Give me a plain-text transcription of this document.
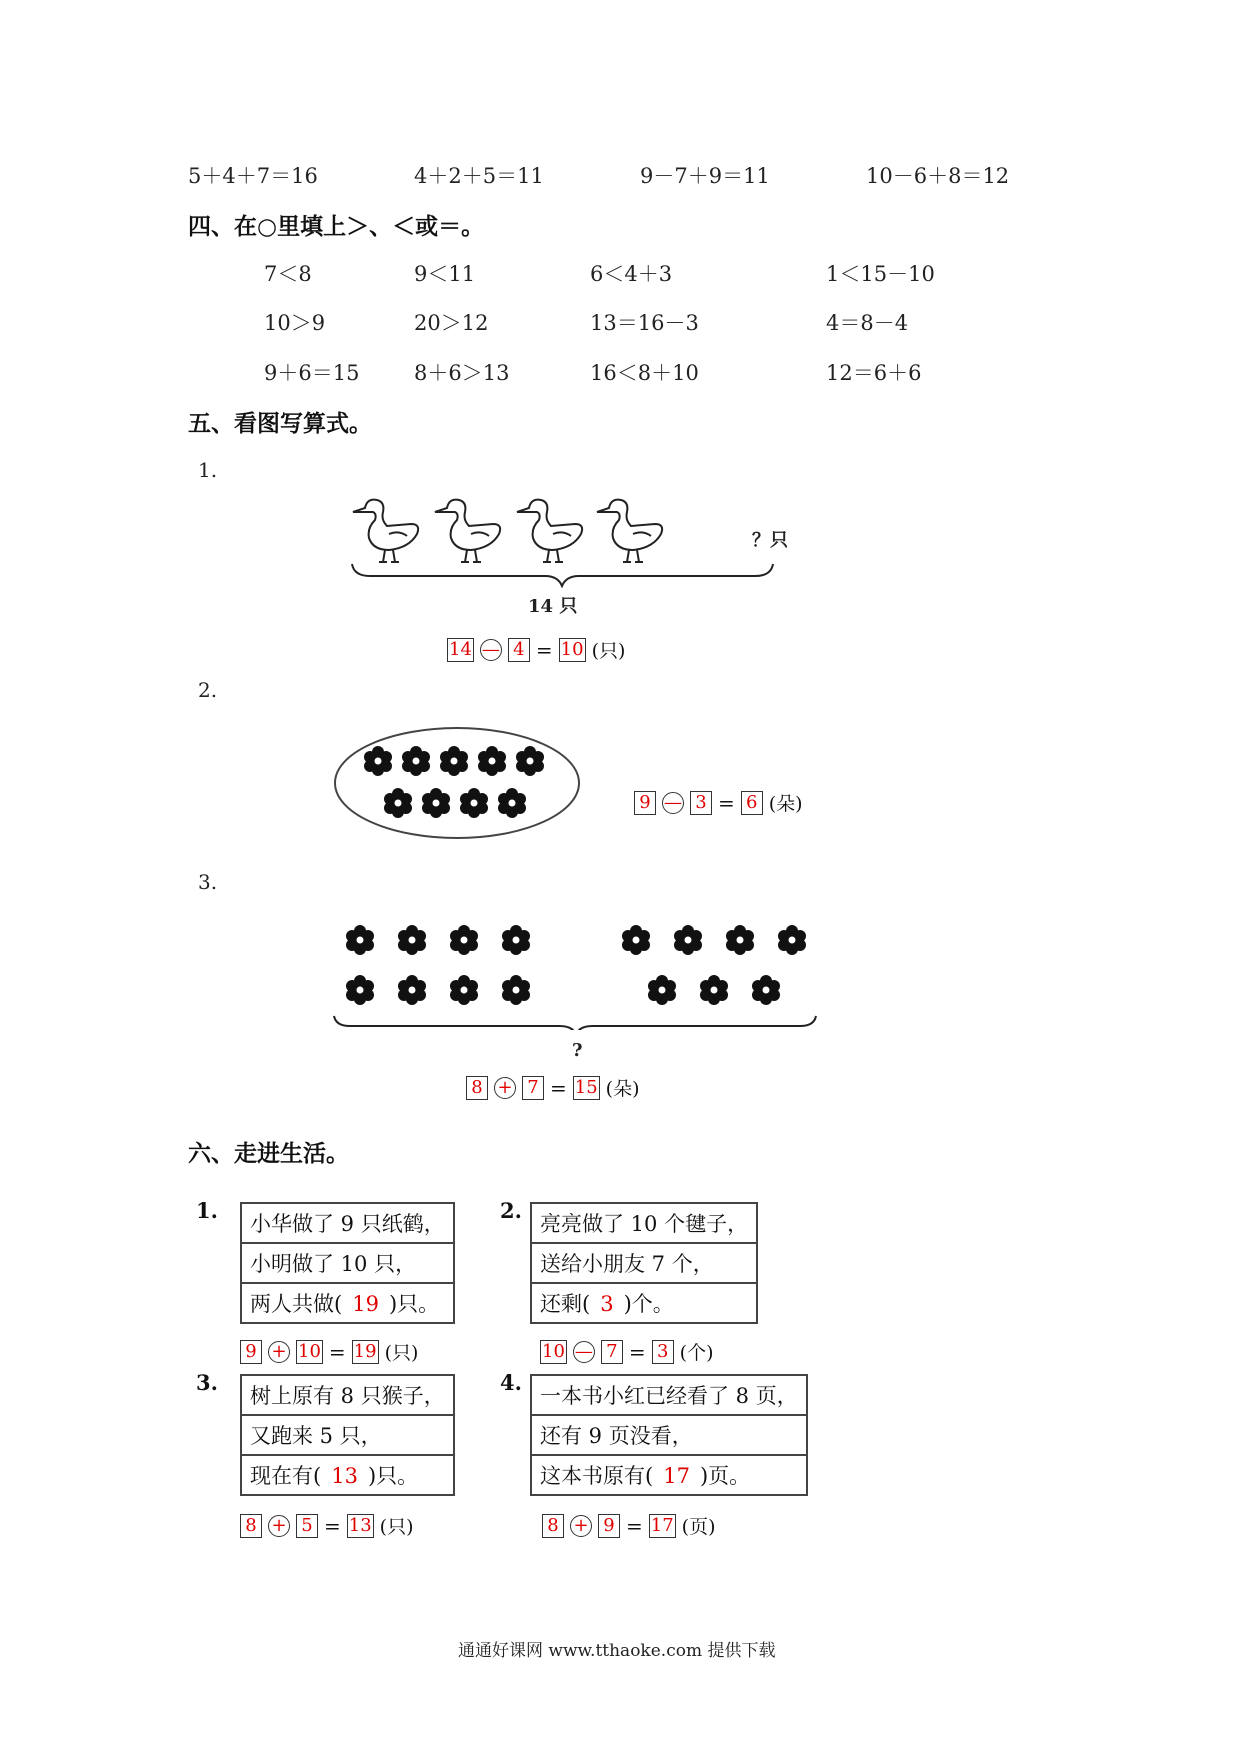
5＋4＋7＝16	4＋2＋5＝11	9－7＋9＝11	10－6＋8＝12
四、在○里填上＞、＜或＝。
7＜8	9＜11	6＜4＋3	1＜15－10
10＞9	20＞12	13＝16－3	4＝8－4
9＋6＝15	8＋6＞13	16＜8＋10	12＝6＋6
五、看图写算式。
1.
？只
14 只
14 — 4 = 10 (只)
2.
9 — 3 = 6 (朵)
3.
?
8 + 7 = 15 (朵)
六、走进生活。
1.
小华做了 9 只纸鹤，
小明做了 10 只，
两人共做( 19 )只。
9 + 10 = 19 (只)
2.
亮亮做了 10 个毽子，
送给小朋友 7 个，
还剩( 3 )个。
10 — 7 = 3 (个)
3.
树上原有 8 只猴子，
又跑来 5 只，
现在有( 13 )只。
8 + 5 = 13 (只)
4.
一本书小红已经看了 8 页，
还有 9 页没看，
这本书原有( 17 )页。
8 + 9 = 17 (页)
通通好课网 www.tthaoke.com 提供下载
